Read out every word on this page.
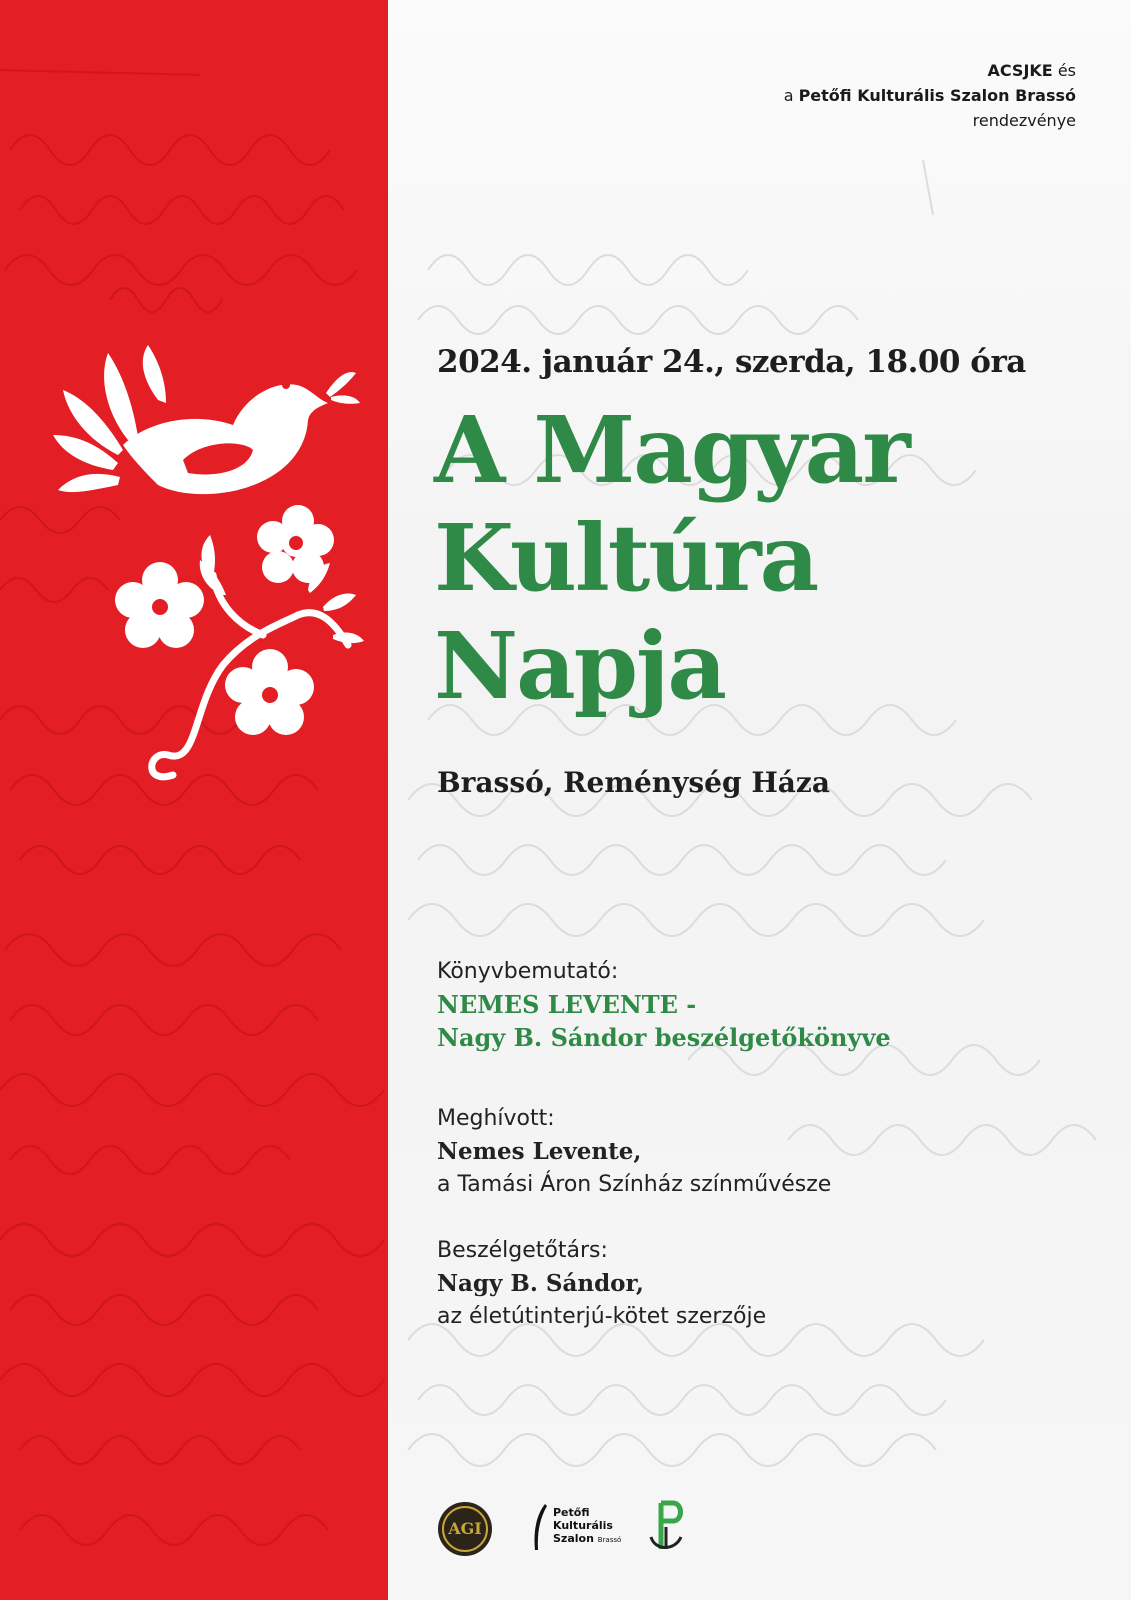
ACSJKE és
a Petőfi Kulturális Szalon Brassó
rendezvénye
2024. január 24., szerda, 18.00 óra
A Magyar
Kultúra
Napja
Brassó, Reménység Háza
Könyvbemutató:
NEMES LEVENTE -
Nagy B. Sándor beszélgetőkönyve
Meghívott:
Nemes Levente,
a Tamási Áron Színház színművésze
Beszélgetőtárs:
Nagy B. Sándor,
az életútinterjú-kötet szerzője
AGI
Petőfi
Kulturális
Szalon Brassó
